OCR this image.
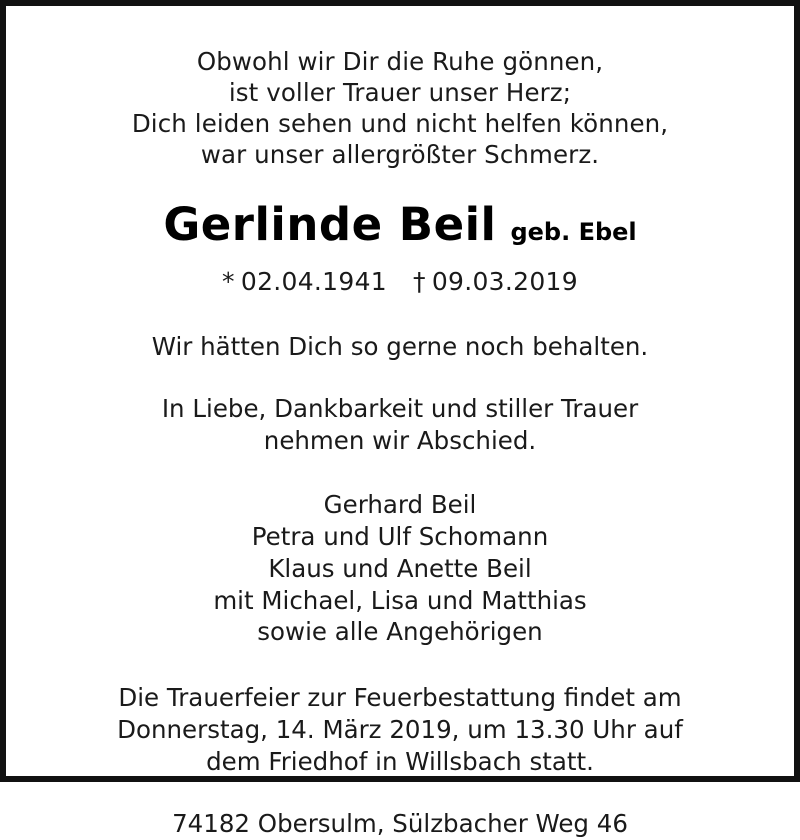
Obwohl wir Dir die Ruhe gönnen,
ist voller Trauer unser Herz;
Dich leiden sehen und nicht helfen können,
war unser allergrößter Schmerz.
Gerlinde Beil geb. Ebel
* 02.04.1941 † 09.03.2019
Wir hätten Dich so gerne noch behalten.
In Liebe, Dankbarkeit und stiller Trauer
nehmen wir Abschied.
Gerhard Beil
Petra und Ulf Schomann
Klaus und Anette Beil
mit Michael, Lisa und Matthias
sowie alle Angehörigen
Die Trauerfeier zur Feuerbestattung findet am
Donnerstag, 14. März 2019, um 13.30 Uhr auf
dem Friedhof in Willsbach statt.
74182 Obersulm, Sülzbacher Weg 46
